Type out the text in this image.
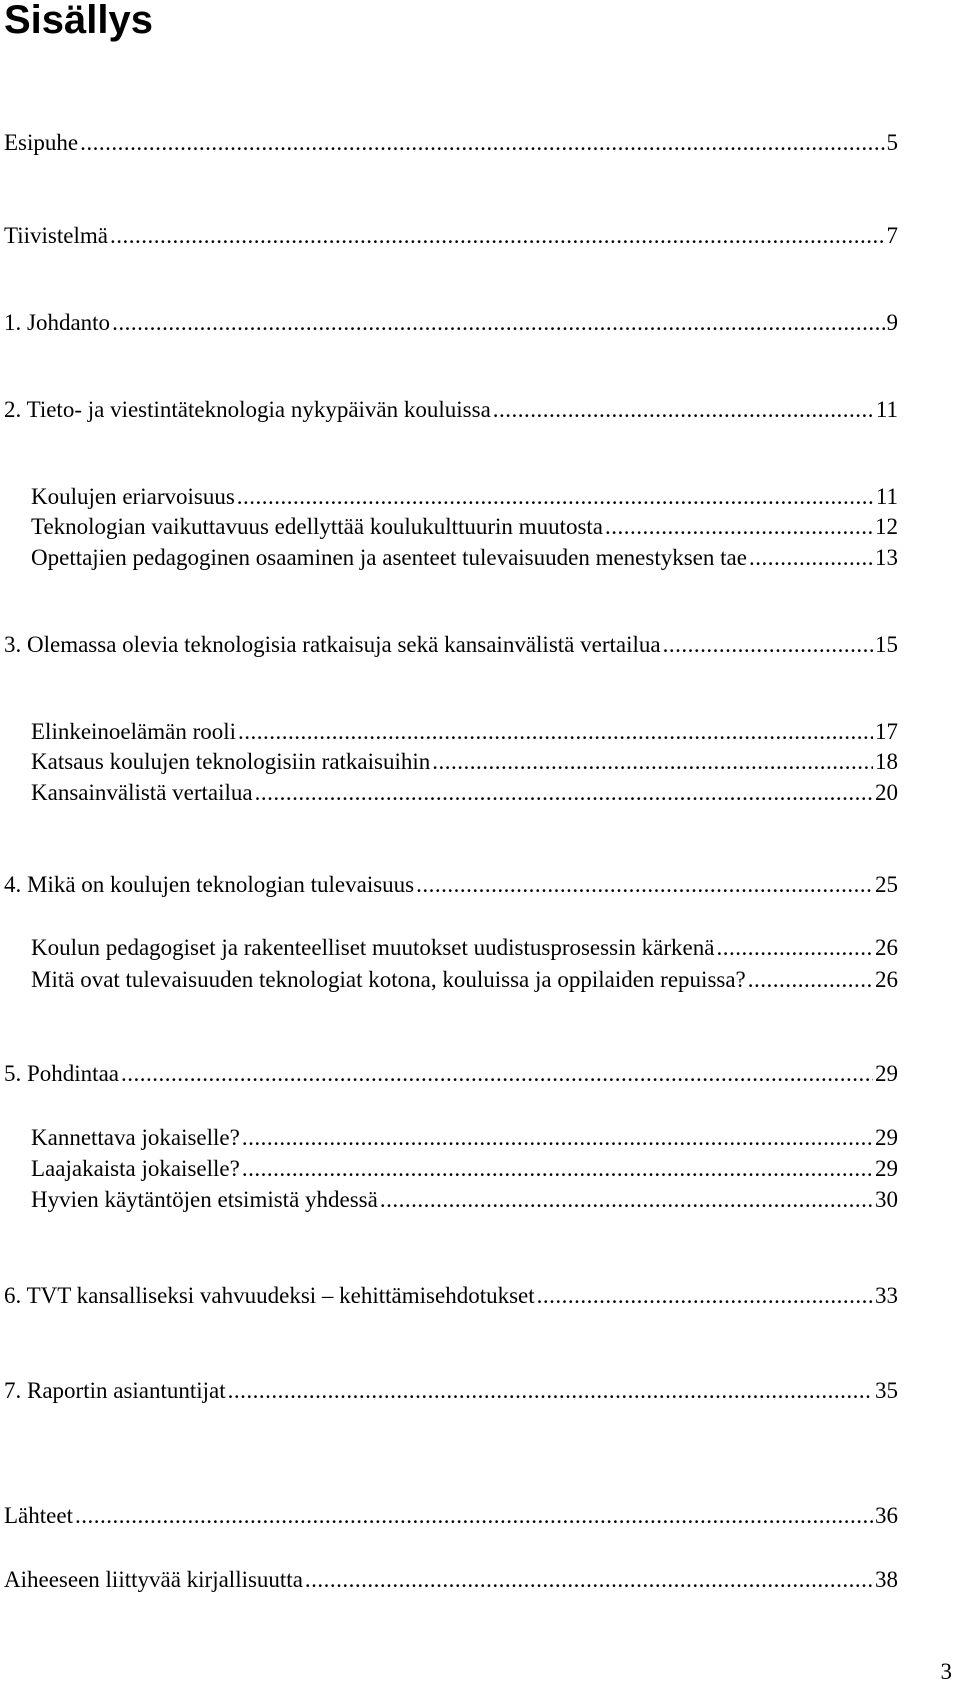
Sisällys
Esipuhe .....	5
Tiivistelmä .....	7
1. Johdanto .....	9
2. Tieto- ja viestintäteknologia nykypäivän kouluissa .....	11
Koulujen eriarvoisuus .....	11
Teknologian vaikuttavuus edellyttää koulukulttuurin muutosta .....	12
Opettajien pedagoginen osaaminen ja asenteet tulevaisuuden menestyksen tae .....	13
3. Olemassa olevia teknologisia ratkaisuja sekä kansainvälistä vertailua .....	15
Elinkeinoelämän rooli .....	17
Katsaus koulujen teknologisiin ratkaisuihin .....	18
Kansainvälistä vertailua .....	20
4. Mikä on koulujen teknologian tulevaisuus .....	25
Koulun pedagogiset ja rakenteelliset muutokset uudistusprosessin kärkenä .....	26
Mitä ovat tulevaisuuden teknologiat kotona, kouluissa ja oppilaiden repuissa? .....	26
5. Pohdintaa .....	29
Kannettava jokaiselle? .....	29
Laajakaista jokaiselle? .....	29
Hyvien käytäntöjen etsimistä yhdessä .....	30
6. TVT kansalliseksi vahvuudeksi – kehittämisehdotukset .....	33
7. Raportin asiantuntijat .....	35
Lähteet .....	36
Aiheeseen liittyvää kirjallisuutta .....	38
3
